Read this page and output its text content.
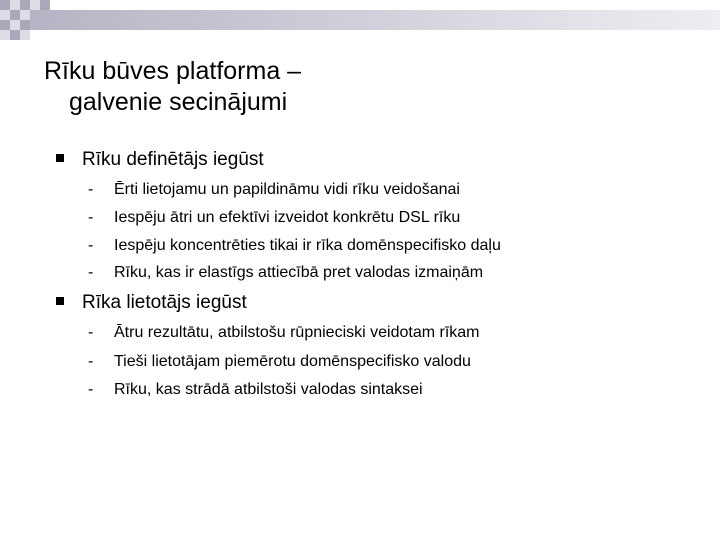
Rīku būves platforma –
galvenie secinājumi
Rīku definētājs iegūst
- Ērti lietojamu un papildināmu vidi rīku veidošanai
- Iespēju ātri un efektīvi izveidot konkrētu DSL rīku
- Iespēju koncentrēties tikai ir rīka domēnspecifisko daļu
- Rīku, kas ir elastīgs attiecībā pret valodas izmaiņām
Rīka lietotājs iegūst
- Ātru rezultātu, atbilstošu rūpnieciski veidotam rīkam
- Tieši lietotājam piemērotu domēnspecifisko valodu
- Rīku, kas strādā atbilstoši valodas sintaksei
